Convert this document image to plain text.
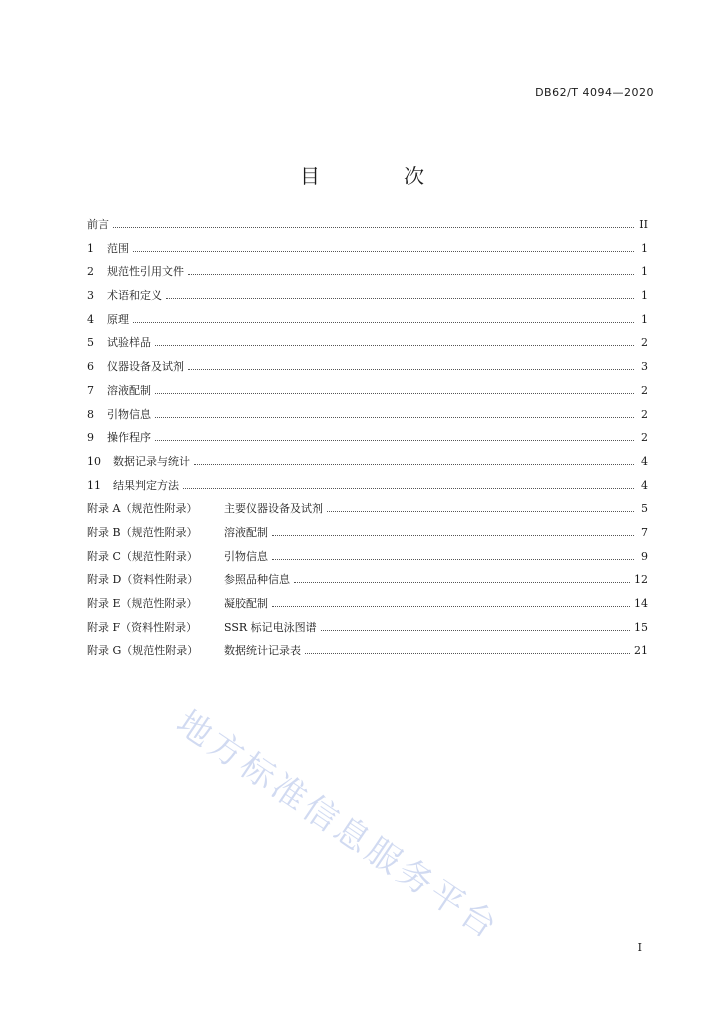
DB62/T 4094—2020
目　次
前言	II
1	范围	1
2	规范性引用文件	1
3	术语和定义	1
4	原理	1
5	试验样品	2
6	仪器设备及试剂	3
7	溶液配制	2
8	引物信息	2
9	操作程序	2
10	数据记录与统计	4
11	结果判定方法	4
附录 A（规范性附录）	主要仪器设备及试剂	5
附录 B（规范性附录）	溶液配制	7
附录 C（规范性附录）	引物信息	9
附录 D（资料性附录）	参照品种信息	12
附录 E（规范性附录）	凝胶配制	14
附录 F（资料性附录）	SSR 标记电泳图谱	15
附录 G（规范性附录）	数据统计记录表	21
I
地方标准信息服务平台
